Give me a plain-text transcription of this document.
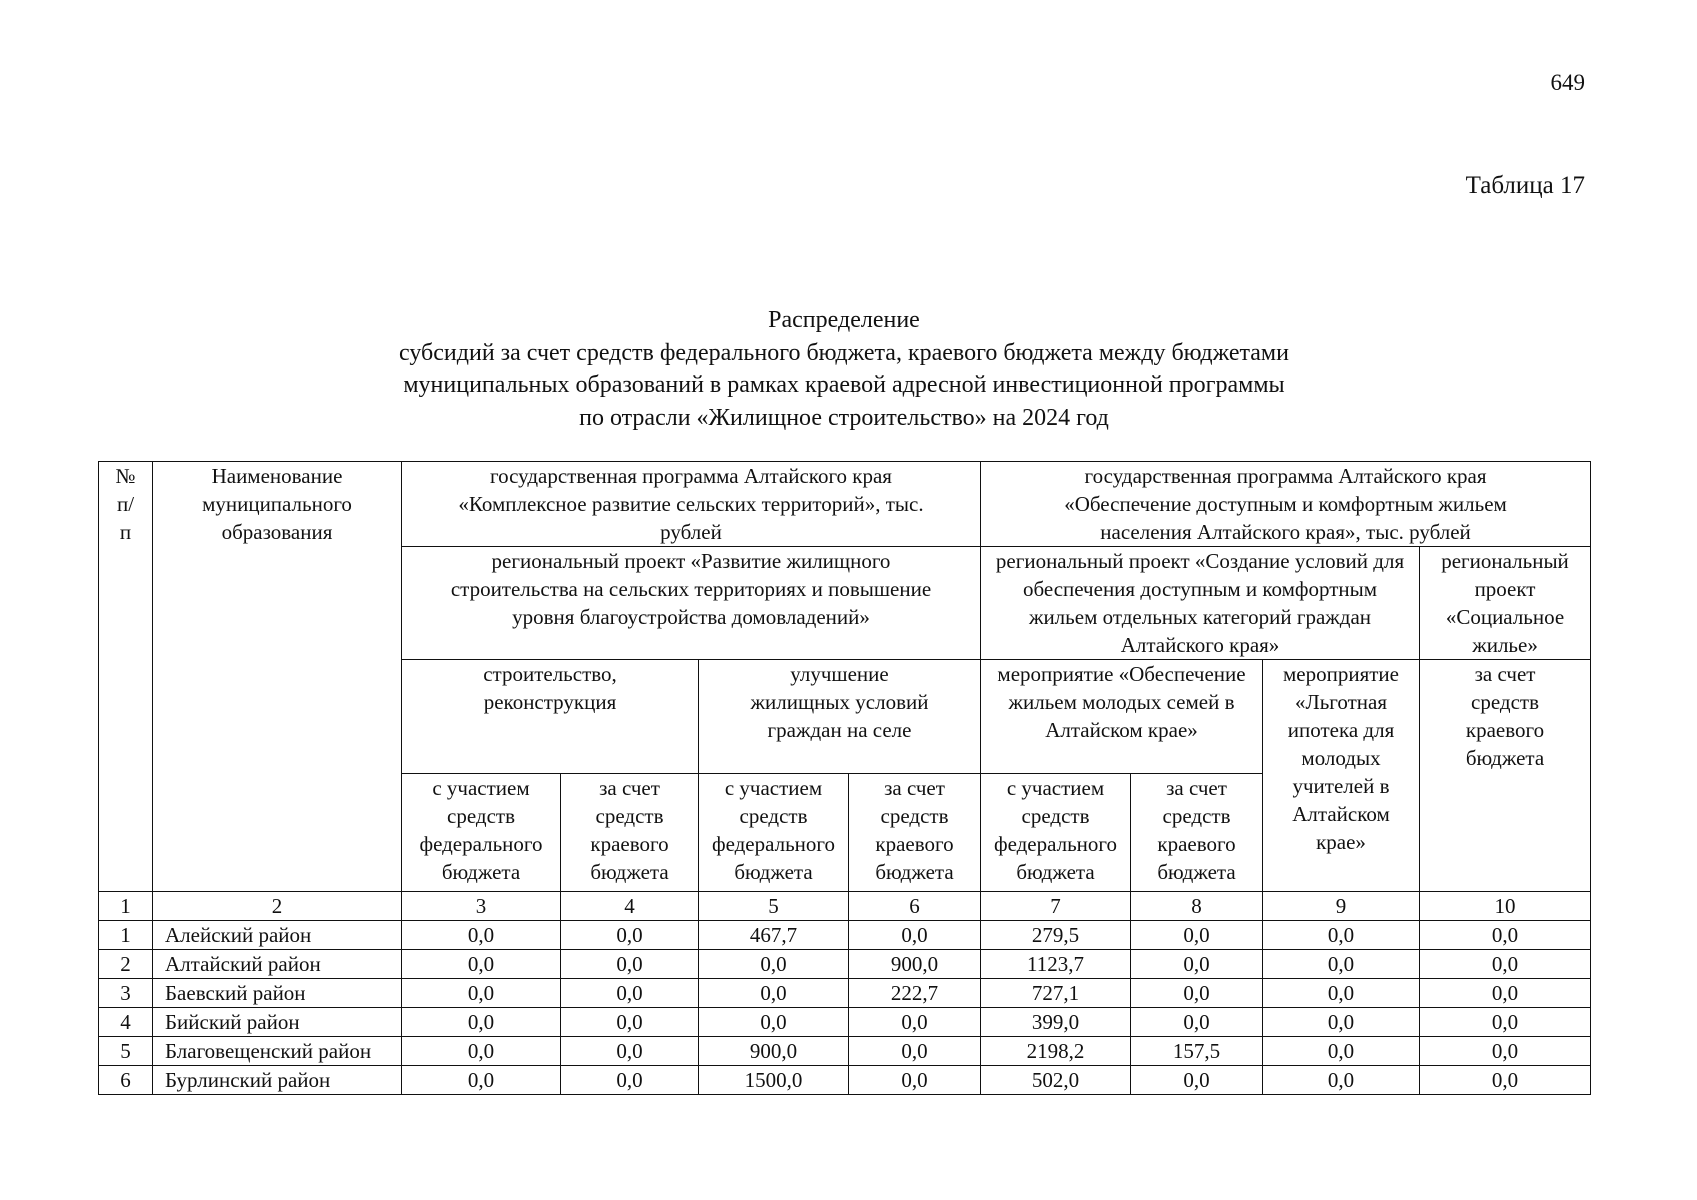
649
Таблица 17
Распределение
субсидий за счет средств федерального бюджета, краевого бюджета между бюджетами
муниципальных образований в рамках краевой адресной инвестиционной программы
по отрасли «Жилищное строительство» на 2024 год
№ п/п	Наименование муниципального образования	государственная программа Алтайского края «Комплексное развитие сельских территорий», тыс. рублей				государственная программа Алтайского края «Обеспечение доступным и комфортным жильем населения Алтайского края», тыс. рублей			
		региональный проект «Развитие жилищного строительства на сельских территориях и повышение уровня благоустройства домовладений»				региональный проект «Создание условий для обеспечения доступным и комфортным жильем отдельных категорий граждан Алтайского края»			региональный проект «Социальное жилье»
		строительство, реконструкция		улучшение жилищных условий граждан на селе		мероприятие «Обеспечение жильем молодых семей в Алтайском крае»		мероприятие «Льготная ипотека для молодых учителей в Алтайском крае»	за счет средств краевого бюджета
		с участием средств федерального бюджета	за счет средств краевого бюджета	с участием средств федерального бюджета	за счет средств краевого бюджета	с участием средств федерального бюджета	за счет средств краевого бюджета		
1	2	3	4	5	6	7	8	9	10
1	Алейский район	0,0	0,0	467,7	0,0	279,5	0,0	0,0	0,0
2	Алтайский район	0,0	0,0	0,0	900,0	1123,7	0,0	0,0	0,0
3	Баевский район	0,0	0,0	0,0	222,7	727,1	0,0	0,0	0,0
4	Бийский район	0,0	0,0	0,0	0,0	399,0	0,0	0,0	0,0
5	Благовещенский район	0,0	0,0	900,0	0,0	2198,2	157,5	0,0	0,0
6	Бурлинский район	0,0	0,0	1500,0	0,0	502,0	0,0	0,0	0,0
